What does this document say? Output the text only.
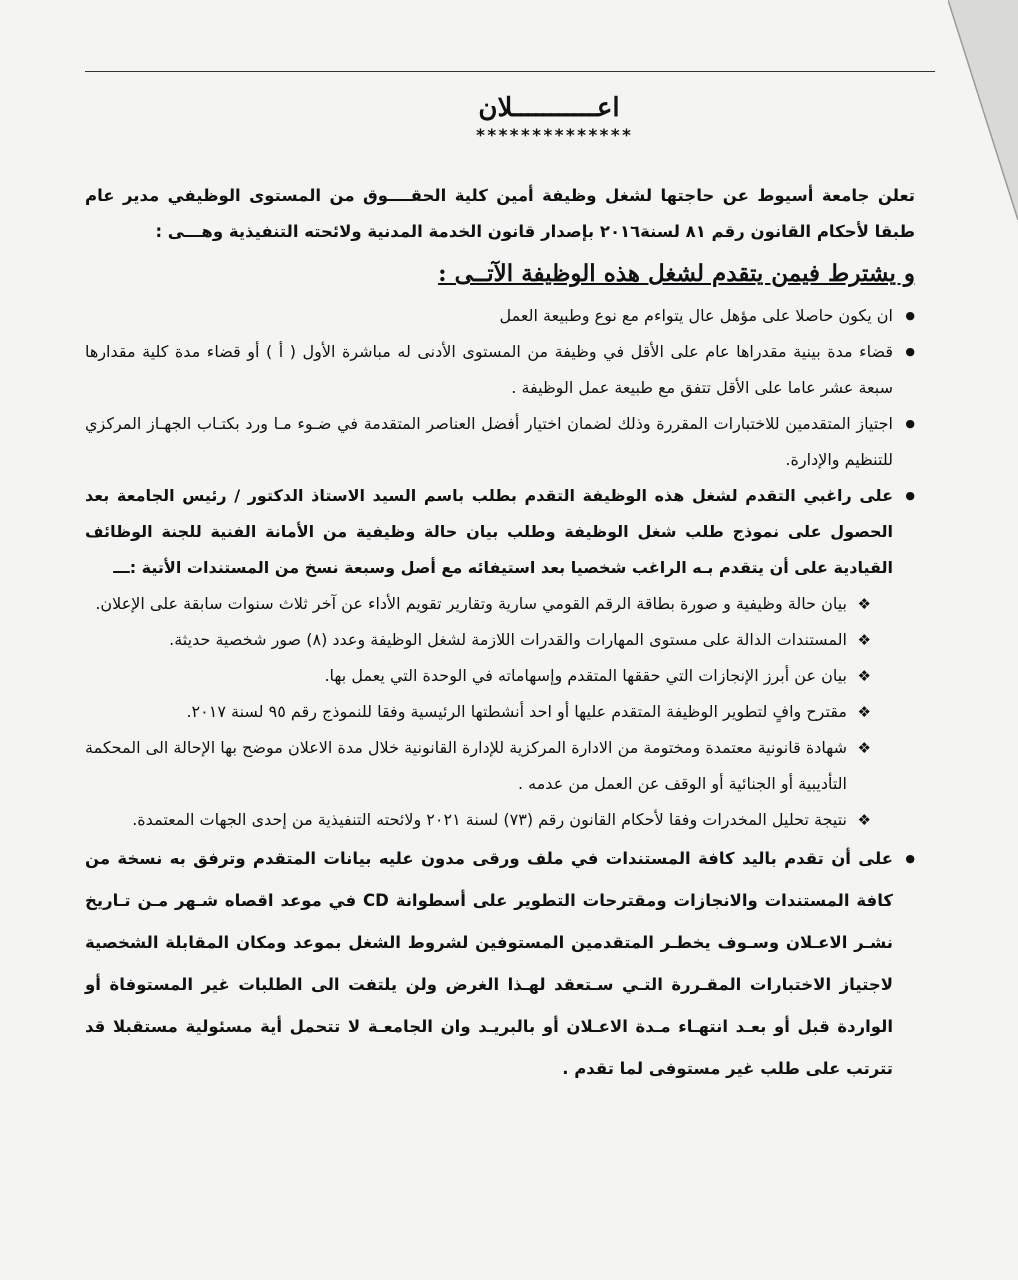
اعـــــــــــلان
**************

تعلن جامعة أسيوط عن حاجتها لشغل وظيفة أمين كلية الحقــــوق من المستوى الوظيفي مدير عام طبقا لأحكام القانون رقم ٨١ لسنة٢٠١٦ بإصدار قانون الخدمة المدنية ولائحته التنفيذية وهـــى :

و يشترط فيمن يتقدم لشغل هذه الوظيفة الآتــى :

● ان يكون حاصلا على مؤهل عال يتواءم مع نوع وطبيعة العمل
● قضاء مدة بينية مقدراها عام على الأقل في وظيفة من المستوى الأدنى له مباشرة الأول ( أ ) أو قضاء مدة كلية مقدارها سبعة عشر عاما على الأقل تتفق مع طبيعة عمل الوظيفة .
● اجتياز المتقدمين للاختبارات المقررة وذلك لضمان اختيار أفضل العناصر المتقدمة في ضـوء مـا ورد بكتـاب الجهـاز المركزي للتنظيم والإدارة.
● على راغبي التقدم لشغل هذه الوظيفة التقدم بطلب باسم السيد الاستاذ الدكتور / رئيس الجامعة بعد الحصول على نموذج طلب شغل الوظيفة وطلب بيان حالة وظيفية من الأمانة الفنية للجنة الوظائف القيادية على أن يتقدم بـه الراغب شخصيا بعد استيفائه مع أصل وسبعة نسخ من المستندات الأتية :ـــ
❖ بيان حالة وظيفية و صورة بطاقة الرقم القومي سارية وتقارير تقويم الأداء عن آخر ثلاث سنوات سابقة على الإعلان.
❖ المستندات الدالة على مستوى المهارات والقدرات اللازمة لشغل الوظيفة وعدد (٨) صور شخصية حديثة.
❖ بيان عن أبرز الإنجازات التي حققها المتقدم وإسهاماته في الوحدة التي يعمل بها.
❖ مقترح وافٍ لتطوير الوظيفة المتقدم عليها أو احد أنشطتها الرئيسية وفقا للنموذج رقم ٩٥ لسنة ٢٠١٧.
❖ شهادة قانونية معتمدة ومختومة من الادارة المركزية للإدارة القانونية خلال مدة الاعلان موضح بها الإحالة الى المحكمة التأديبية أو الجنائية أو الوقف عن العمل من عدمه .
❖ نتيجة تحليل المخدرات وفقا لأحكام القانون رقم (٧٣) لسنة ٢٠٢١ ولائحته التنفيذية من إحدى الجهات المعتمدة.
● على أن تقدم باليد كافة المستندات في ملف ورقى مدون عليه بيانات المتقدم وترفق به نسخة من كافة المستندات والانجازات ومقترحات التطوير على أسطوانة CD في موعد اقصاه شـهر مـن تـاريخ نشـر الاعـلان وسـوف يخطـر المتقدمين المستوفين لشروط الشغل بموعد ومكان المقابلة الشخصية لاجتياز الاختبارات المقـررة التـي سـتعقد لهـذا الغرض ولن يلتفت الى الطلبات غير المستوفاة أو الواردة قبل أو بعـد انتهـاء مـدة الاعـلان أو بالبريـد وان الجامعـة لا تتحمل أية مسئولية مستقبلا قد تترتب على طلب غير مستوفى لما تقدم .
